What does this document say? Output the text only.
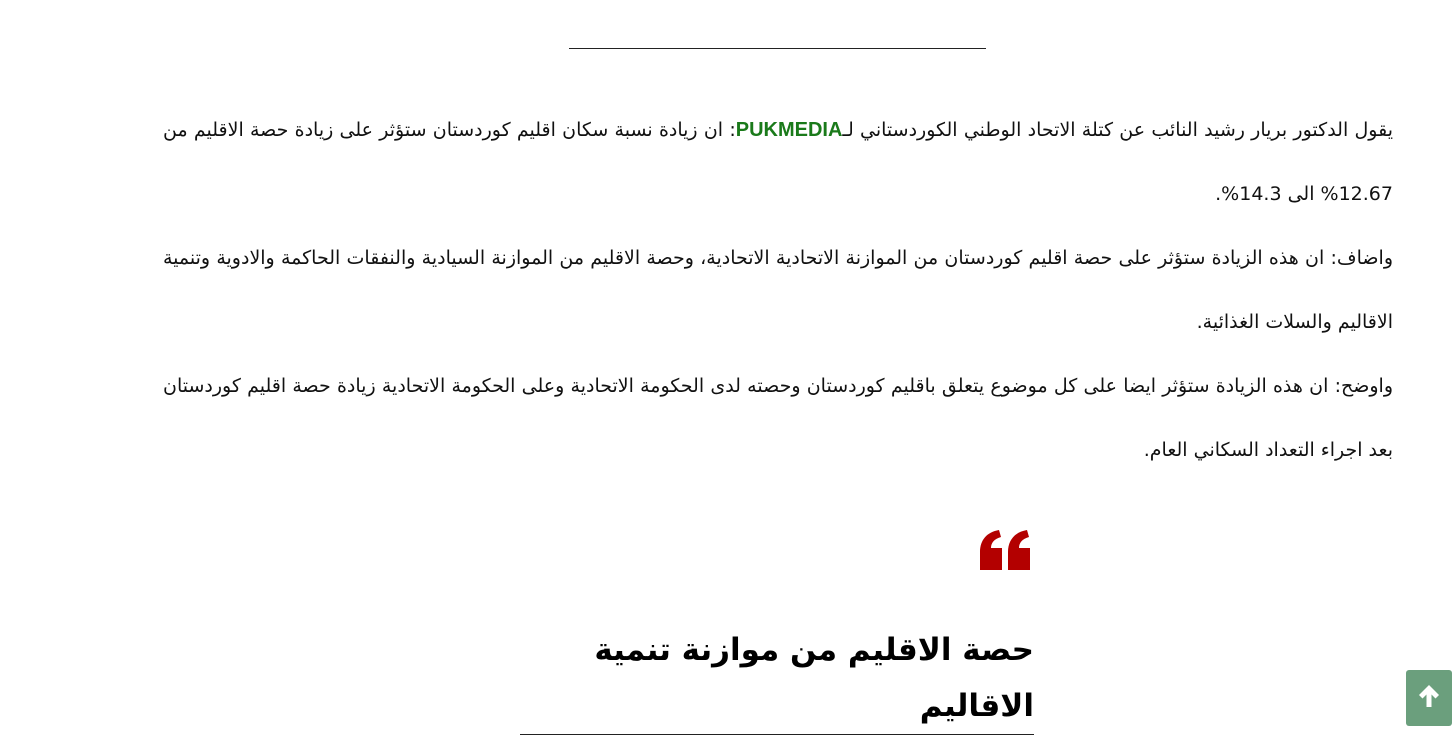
يقول الدكتور بريار رشيد النائب عن كتلة الاتحاد الوطني الكوردستاني لـPUKMEDIA: ان زيادة نسبة سكان اقليم كوردستان ستؤثر على زيادة حصة الاقليم من 12.67% الى 14.3%.

واضاف: ان هذه الزيادة ستؤثر على حصة اقليم كوردستان من الموازنة الاتحادية الاتحادية، وحصة الاقليم من الموازنة السيادية والنفقات الحاكمة والادوية وتنمية الاقاليم والسلات الغذائية.

واوضح: ان هذه الزيادة ستؤثر ايضا على كل موضوع يتعلق باقليم كوردستان وحصته لدى الحكومة الاتحادية وعلى الحكومة الاتحادية زيادة حصة اقليم كوردستان بعد اجراء التعداد السكاني العام.

حصة الاقليم من موازنة تنمية الاقاليم
